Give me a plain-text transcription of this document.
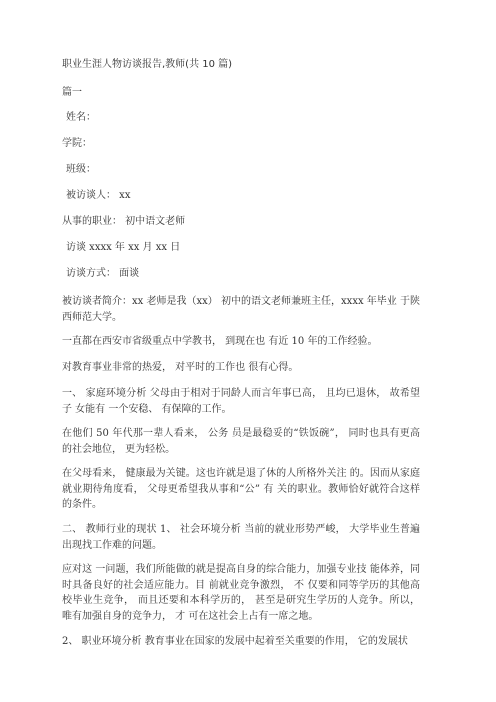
职业生涯人物访谈报告,教师(共 10 篇)
篇一
姓名：
学院：
班级：
被访谈人： xx
从事的职业： 初中语文老师
访谈 xxxx 年 xx 月 xx 日
访谈方式： 面谈
被访谈者简介：xx 老师是我（xx） 初中的语文老师兼班主任，xxxx 年毕业 于陕西师范大学。
一直都在西安市省级重点中学教书， 到现在也 有近 10 年的工作经验。
对教育事业非常的热爱， 对平时的工作也 很有心得。
一、 家庭环境分析 父母由于相对于同龄人而言年事已高， 且均已退休， 故希望子 女能有 一个安稳、 有保障的工作。
在他们 50 年代那一辈人看来， 公务 员是最稳妥的“铁饭碗”， 同时也具有更高的社会地位， 更为轻松。
在父母看来， 健康最为关键。这也许就是退了休的人所格外关注 的。因而从家庭就业期待角度看， 父母更希望我从事和“公” 有 关的职业。教师恰好就符合这样的条件。
二、 教师行业的现状 1、 社会环境分析 当前的就业形势严峻， 大学毕业生普遍出现找工作难的问题。
应对这 一问题，我们所能做的就是提高自身的综合能力，加强专业技 能体养，同时具备良好的社会适应能力。目 前就业竞争激烈， 不 仅要和同等学历的其他高校毕业生竞争， 而且还要和本科学历的， 甚至是研究生学历的人竞争。所以， 唯有加强自身的竞争力， 才 可在这社会上占有一席之地。
2、 职业环境分析 教育事业在国家的发展中起着至关重要的作用， 它的发展状
